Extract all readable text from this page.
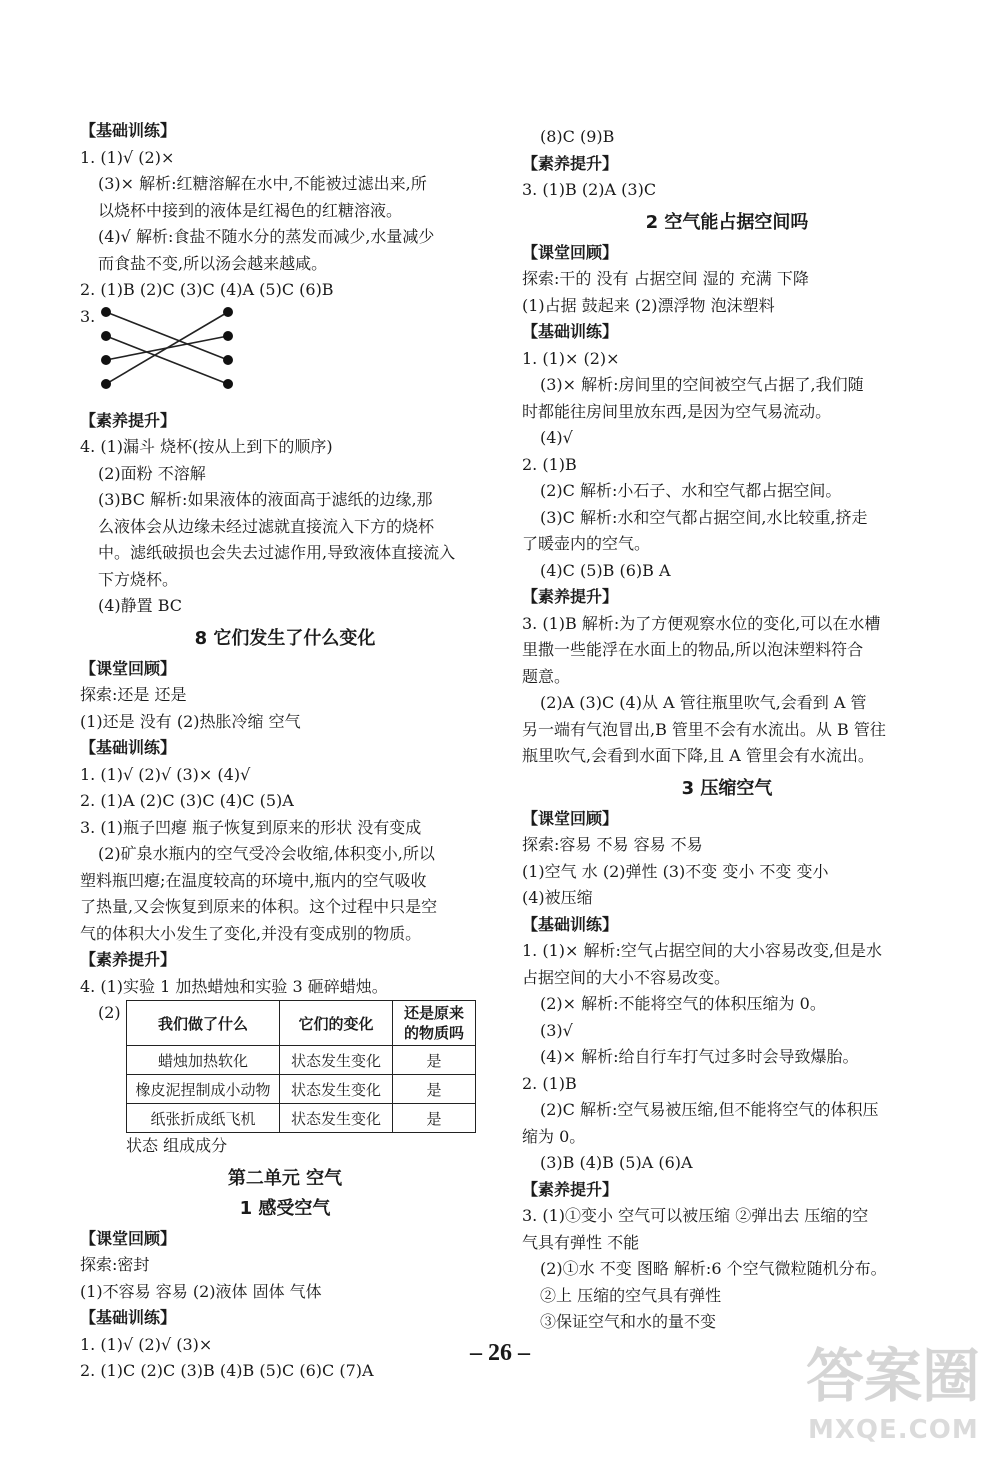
【基础训练】
1. (1)√ (2)×
(3)× 解析:红糖溶解在水中,不能被过滤出来,所
以烧杯中接到的液体是红褐色的红糖溶液。
(4)√ 解析:食盐不随水分的蒸发而减少,水量减少
而食盐不变,所以汤会越来越咸。
2. (1)B (2)C (3)C (4)A (5)C (6)B
3.
【素养提升】
4. (1)漏斗 烧杯(按从上到下的顺序)
(2)面粉 不溶解
(3)BC 解析:如果液体的液面高于滤纸的边缘,那
么液体会从边缘未经过滤就直接流入下方的烧杯
中。滤纸破损也会失去过滤作用,导致液体直接流入
下方烧杯。
(4)静置 BC
8 它们发生了什么变化
【课堂回顾】
探索:还是 还是
(1)还是 没有 (2)热胀冷缩 空气
【基础训练】
1. (1)√ (2)√ (3)× (4)√
2. (1)A (2)C (3)C (4)C (5)A
3. (1)瓶子凹瘪 瓶子恢复到原来的形状 没有变成
(2)矿泉水瓶内的空气受冷会收缩,体积变小,所以
塑料瓶凹瘪;在温度较高的环境中,瓶内的空气吸收
了热量,又会恢复到原来的体积。这个过程中只是空
气的体积大小发生了变化,并没有变成别的物质。
【素养提升】
4. (1)实验 1 加热蜡烛和实验 3 砸碎蜡烛。
(2)
我们做了什么	它们的变化	还是原来的物质吗
蜡烛加热软化	状态发生变化	是
橡皮泥捏制成小动物	状态发生变化	是
纸张折成纸飞机	状态发生变化	是
状态 组成成分
第二单元 空气
1 感受空气
【课堂回顾】
探索:密封
(1)不容易 容易 (2)液体 固体 气体
【基础训练】
1. (1)√ (2)√ (3)×
2. (1)C (2)C (3)B (4)B (5)C (6)C (7)A
(8)C (9)B
【素养提升】
3. (1)B (2)A (3)C
2 空气能占据空间吗
【课堂回顾】
探索:干的 没有 占据空间 湿的 充满 下降
(1)占据 鼓起来 (2)漂浮物 泡沫塑料
【基础训练】
1. (1)× (2)×
(3)× 解析:房间里的空间被空气占据了,我们随
时都能往房间里放东西,是因为空气易流动。
(4)√
2. (1)B
(2)C 解析:小石子、水和空气都占据空间。
(3)C 解析:水和空气都占据空间,水比较重,挤走
了暖壶内的空气。
(4)C (5)B (6)B A
【素养提升】
3. (1)B 解析:为了方便观察水位的变化,可以在水槽
里撒一些能浮在水面上的物品,所以泡沫塑料符合
题意。
(2)A (3)C (4)从 A 管往瓶里吹气,会看到 A 管
另一端有气泡冒出,B 管里不会有水流出。从 B 管往
瓶里吹气,会看到水面下降,且 A 管里会有水流出。
3 压缩空气
【课堂回顾】
探索:容易 不易 容易 不易
(1)空气 水 (2)弹性 (3)不变 变小 不变 变小
(4)被压缩
【基础训练】
1. (1)× 解析:空气占据空间的大小容易改变,但是水
占据空间的大小不容易改变。
(2)× 解析:不能将空气的体积压缩为 0。
(3)√
(4)× 解析:给自行车打气过多时会导致爆胎。
2. (1)B
(2)C 解析:空气易被压缩,但不能将空气的体积压
缩为 0。
(3)B (4)B (5)A (6)A
【素养提升】
3. (1)①变小 空气可以被压缩 ②弹出去 压缩的空
气具有弹性 不能
(2)①水 不变 图略 解析:6 个空气微粒随机分布。
②上 压缩的空气具有弹性
③保证空气和水的量不变
– 26 –	答案圈
MXQE.COM
